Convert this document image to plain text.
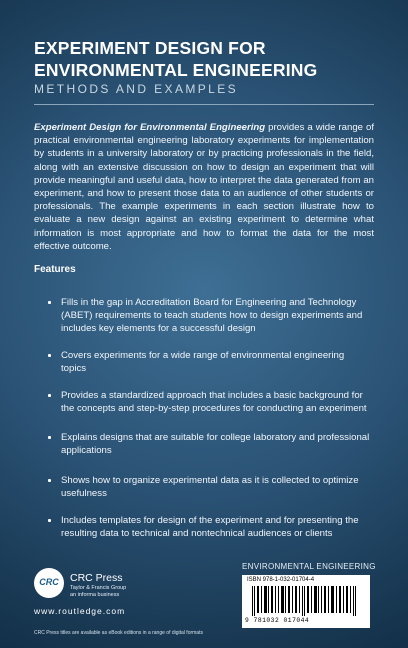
EXPERIMENT DESIGN FOR
ENVIRONMENTAL ENGINEERING
METHODS AND EXAMPLES
Experiment Design for Environmental Engineering provides a wide range of practical environmental engineering laboratory experiments for implementation by students in a university laboratory or by practicing professionals in the field, along with an extensive discussion on how to design an experiment that will provide meaningful and useful data, how to interpret the data generated from an experiment, and how to present those data to an audience of other students or professionals. The example experiments in each section illustrate how to evaluate a new design against an existing experiment to determine what information is most appropriate and how to format the data for the most effective outcome.
Features
Fills in the gap in Accreditation Board for Engineering and Technology (ABET) requirements to teach students how to design experiments and includes key elements for a successful design
Covers experiments for a wide range of environmental engineering topics
Provides a standardized approach that includes a basic background for the concepts and step-by-step procedures for conducting an experiment
Explains designs that are suitable for college laboratory and professional applications
Shows how to organize experimental data as it is collected to optimize usefulness
Includes templates for design of the experiment and for presenting the resulting data to technical and nontechnical audiences or clients
ENVIRONMENTAL ENGINEERING
ISBN 978-1-032-01704-4
9 781032 017044
CRC	CRC Press
Taylor & Francis Group
an informa business
www.routledge.com
CRC Press titles are available as eBook editions in a range of digital formats
